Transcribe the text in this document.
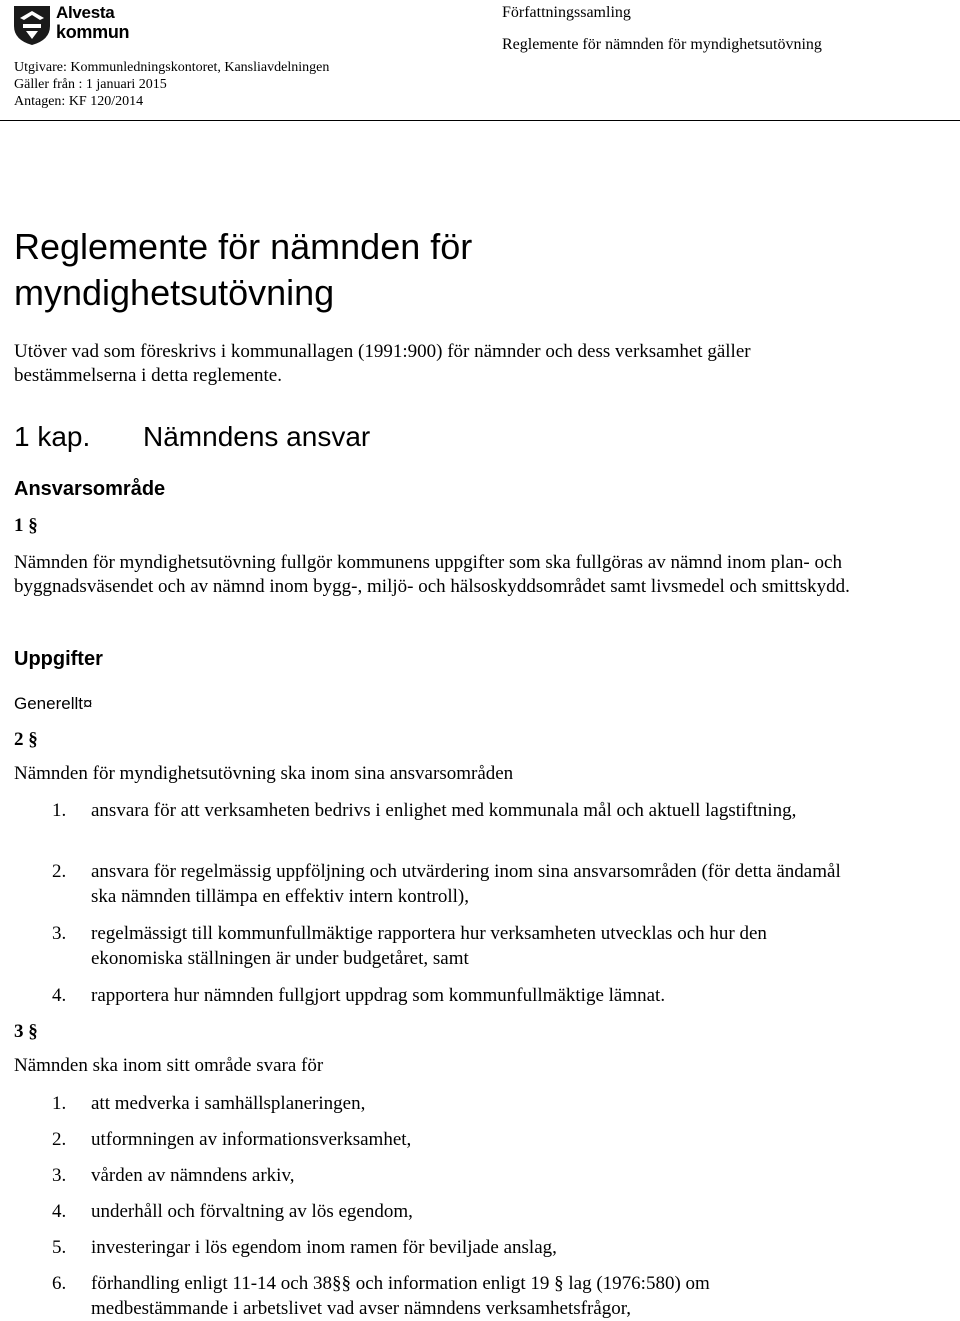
Alvesta
kommun
Utgivare: Kommunledningskontoret, Kansliavdelningen
Gäller från : 1 januari 2015
Antagen: KF 120/2014
Författningssamling
Reglemente för nämnden för myndighetsutövning
Reglemente för nämnden för myndighetsutövning
Utöver vad som föreskrivs i kommunallagen (1991:900) för nämnder och dess verksamhet gäller bestämmelserna i detta reglemente.
1 kap. Nämndens ansvar
Ansvarsområde
1 §
Nämnden för myndighetsutövning fullgör kommunens uppgifter som ska fullgöras av nämnd inom plan- och byggnadsväsendet och av nämnd inom bygg-, miljö- och hälsoskyddsområdet samt livsmedel och smittskydd.
Uppgifter
Generellt¤
2 §
Nämnden för myndighetsutövning ska inom sina ansvarsområden
1. ansvara för att verksamheten bedrivs i enlighet med kommunala mål och aktuell lagstiftning,
2. ansvara för regelmässig uppföljning och utvärdering inom sina ansvarsområden (för detta ändamål ska nämnden tillämpa en effektiv intern kontroll),
3. regelmässigt till kommunfullmäktige rapportera hur verksamheten utvecklas och hur den ekonomiska ställningen är under budgetåret, samt
4. rapportera hur nämnden fullgjort uppdrag som kommunfullmäktige lämnat.
3 §
Nämnden ska inom sitt område svara för
1. att medverka i samhällsplaneringen,
2. utformningen av informationsverksamhet,
3. vården av nämndens arkiv,
4. underhåll och förvaltning av lös egendom,
5. investeringar i lös egendom inom ramen för beviljade anslag,
6. förhandling enligt 11-14 och 38§§ och information enligt 19 § lag (1976:580) om medbestämmande i arbetslivet vad avser nämndens verksamhetsfrågor,
